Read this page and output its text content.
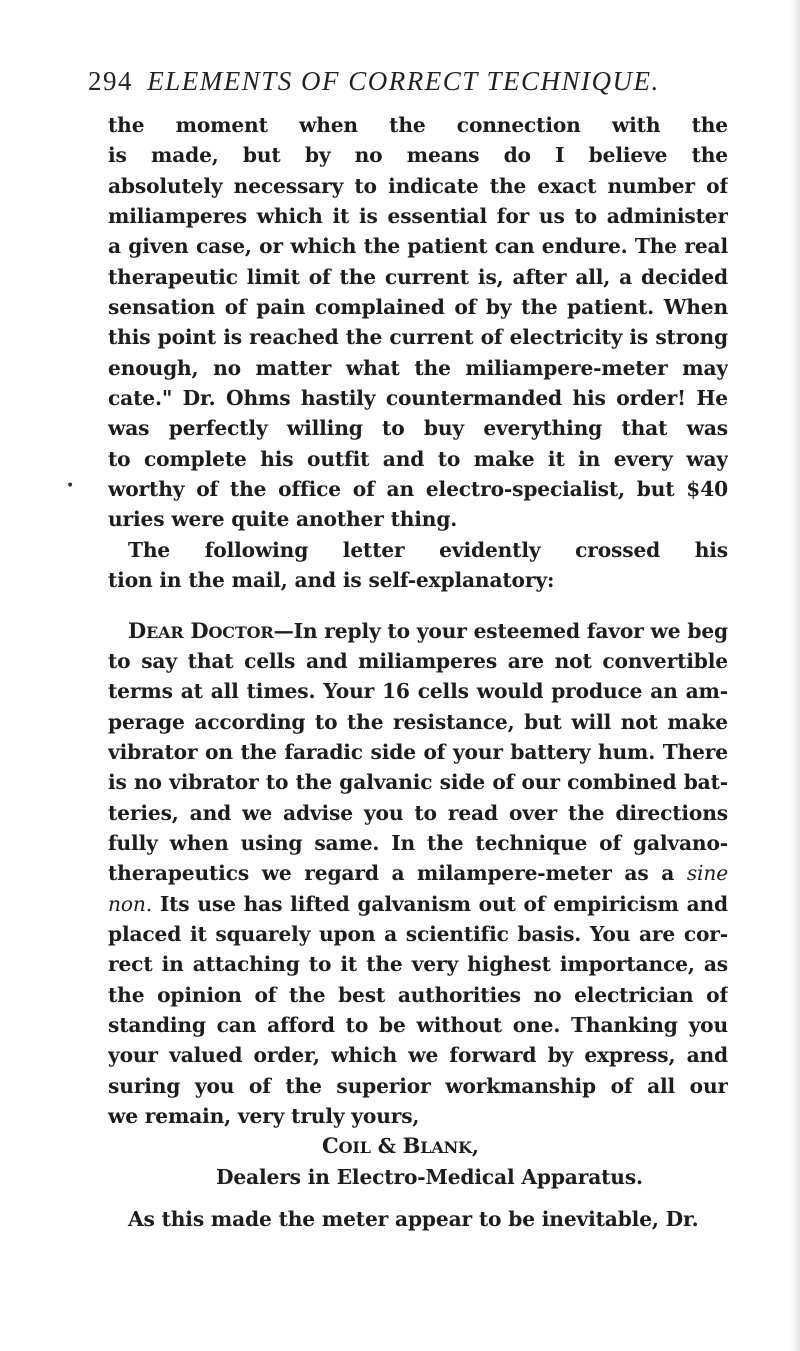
294 ELEMENTS OF CORRECT TECHNIQUE.
•
the moment when the connection with the
is made, but by no means do I believe the
absolutely necessary to indicate the exact number of
miliamperes which it is essential for us to administer
a given case, or which the patient can endure. The real
therapeutic limit of the current is, after all, a decided
sensation of pain complained of by the patient. When
this point is reached the current of electricity is strong
enough, no matter what the miliampere-meter may
cate." Dr. Ohms hastily countermanded his order! He
was perfectly willing to buy everything that was
to complete his outfit and to make it in every way
worthy of the office of an electro-specialist, but $40
uries were quite another thing.
The following letter evidently crossed his
tion in the mail, and is self-explanatory:
DEAR DOCTOR—In reply to your esteemed favor we beg
to say that cells and miliamperes are not convertible
terms at all times. Your 16 cells would produce an am-
perage according to the resistance, but will not make
vibrator on the faradic side of your battery hum. There
is no vibrator to the galvanic side of our combined bat-
teries, and we advise you to read over the directions
fully when using same. In the technique of galvano-
therapeutics we regard a milampere-meter as a sine
non. Its use has lifted galvanism out of empiricism and
placed it squarely upon a scientific basis. You are cor-
rect in attaching to it the very highest importance, as
the opinion of the best authorities no electrician of
standing can afford to be without one. Thanking you
your valued order, which we forward by express, and
suring you of the superior workmanship of all our
we remain, very truly yours,
COIL & BLANK,
Dealers in Electro-Medical Apparatus.
As this made the meter appear to be inevitable, Dr.
